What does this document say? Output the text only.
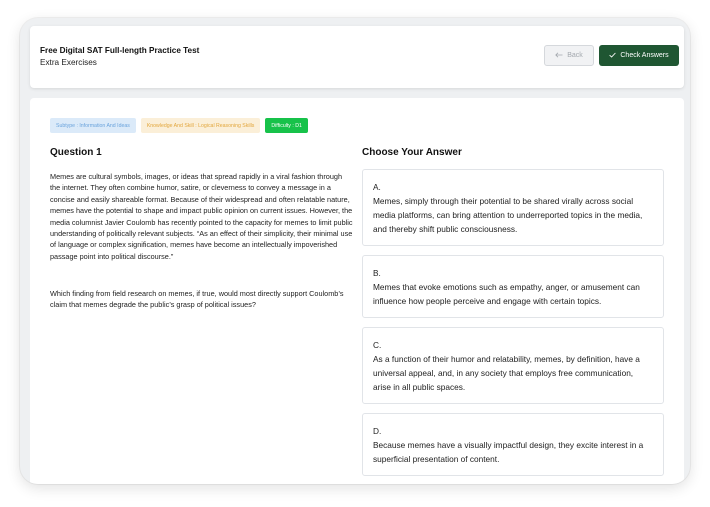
Free Digital SAT Full-length Practice Test
Extra Exercises
Back	Check Answers
Subtype : Information And Ideas	Knowledge And Skill : Logical Reasoning Skills	Difficulty : D1
Question 1
Memes are cultural symbols, images, or ideas that spread rapidly in a viral fashion through the internet. They often combine humor, satire, or cleverness to convey a message in a concise and easily shareable format. Because of their widespread and often relatable nature, memes have the potential to shape and impact public opinion on current issues. However, the media columnist Javier Coulomb has recently pointed to the capacity for memes to limit public understanding of politically relevant subjects. “As an effect of their simplicity, their minimal use of language or complex signification, memes have become an intellectually impoverished passage point into political discourse.”
Which finding from field research on memes, if true, would most directly support Coulomb’s claim that memes degrade the public’s grasp of political issues?
Choose Your Answer
A.
Memes, simply through their potential to be shared virally across social media platforms, can bring attention to underreported topics in the media, and thereby shift public consciousness.
B.
Memes that evoke emotions such as empathy, anger, or amusement can influence how people perceive and engage with certain topics.
C.
As a function of their humor and relatability, memes, by definition, have a universal appeal, and, in any society that employs free communication, arise in all public spaces.
D.
Because memes have a visually impactful design, they excite interest in a superficial presentation of content.
